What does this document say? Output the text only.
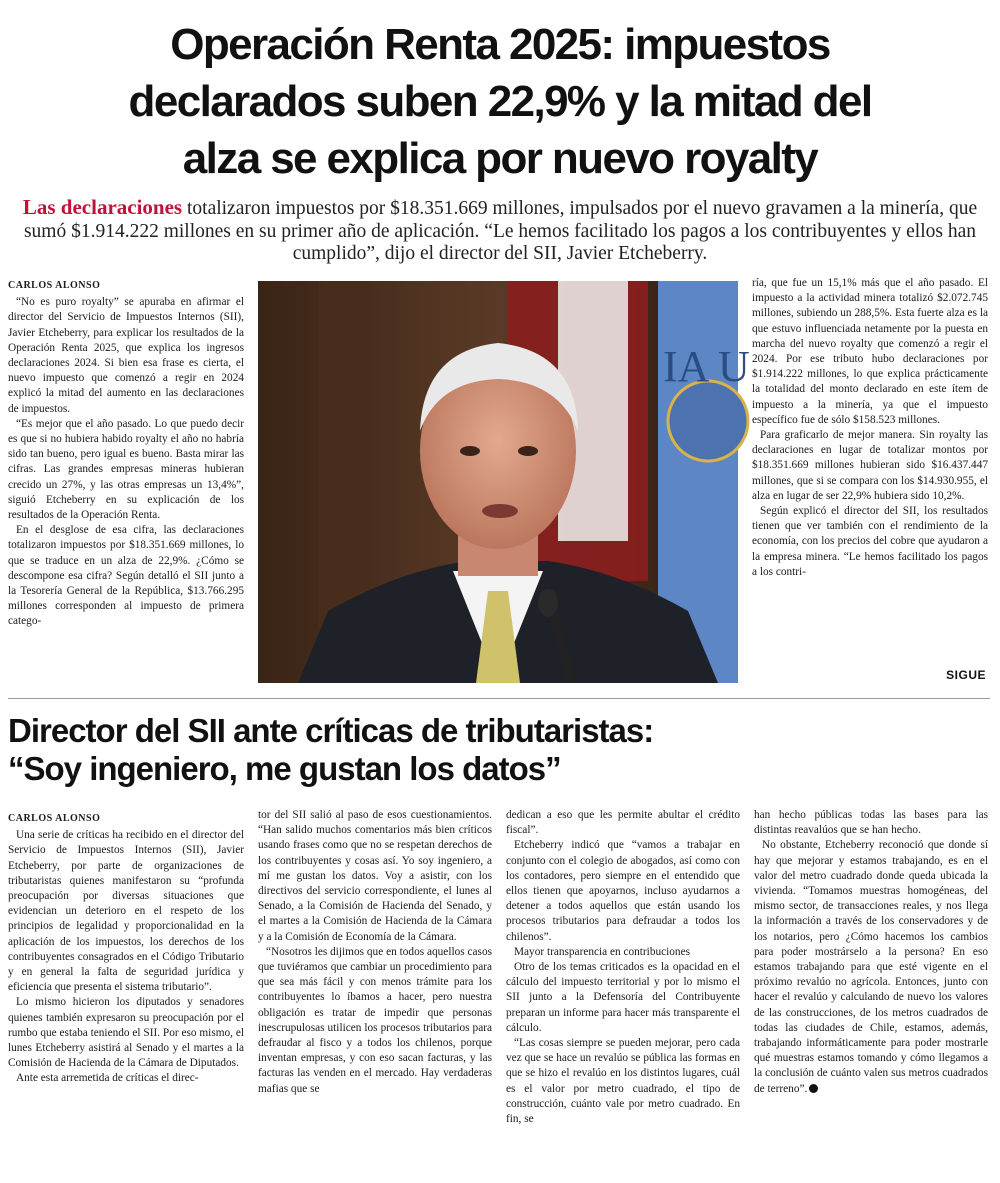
Operación Renta 2025: impuestos
declarados suben 22,9% y la mitad del
alza se explica por nuevo royalty

Las declaraciones totalizaron impuestos por $18.351.669 millones, impulsados por el nuevo gravamen a la minería, que sumó $1.914.222 millones en su primer año de aplicación. “Le hemos facilitado los pagos a los contribuyentes y ellos han cumplido”, dijo el director del SII, Javier Etcheberry.

CARLOS ALONSO

“No es puro royalty” se apuraba en afirmar el director del Servicio de Impuestos Internos (SII), Javier Etcheberry, para explicar los resultados de la Operación Renta 2025, que explica los ingresos declaraciones 2024. Si bien esa frase es cierta, el nuevo impuesto que comenzó a regir en 2024 explicó la mitad del aumento en las declaraciones de impuestos.

“Es mejor que el año pasado. Lo que puedo decir es que si no hubiera habido royalty el año no habría sido tan bueno, pero igual es bueno. Basta mirar las cifras. Las grandes empresas mineras hubieran crecido un 27%, y las otras empresas un 13,4%”, siguió Etcheberry en su explicación de los resultados de la Operación Renta.

En el desglose de esa cifra, las declaraciones totalizaron impuestos por $18.351.669 millones, lo que se traduce en un alza de 22,9%. ¿Cómo se descompone esa cifra? Según detalló el SII junto a la Tesorería General de la República, $13.766.295 millones corresponden al impuesto de primera catego-

IA U

ría, que fue un 15,1% más que el año pasado. El impuesto a la actividad minera totalizó $2.072.745 millones, subiendo un 288,5%. Esta fuerte alza es la que estuvo influenciada netamente por la puesta en marcha del nuevo royalty que comenzó a regir el 2024. Por ese tributo hubo declaraciones por $1.914.222 millones, lo que explica prácticamente la totalidad del monto declarado en este ítem de impuesto a la minería, ya que el impuesto específico fue de sólo $158.523 millones.

Para graficarlo de mejor manera. Sin royalty las declaraciones en lugar de totalizar montos por $18.351.669 millones hubieran sido $16.437.447 millones, que si se compara con los $14.930.955, el alza en lugar de ser 22,9% hubiera sido 10,2%.

Según explicó el director del SII, los resultados tienen que ver también con el rendimiento de la economía, con los precios del cobre que ayudaron a la empresa minera. “Le hemos facilitado los pagos a los contri-

SIGUE
Director del SII ante críticas de tributaristas:
“Soy ingeniero, me gustan los datos”
CARLOS ALONSO

Una serie de críticas ha recibido en el director del Servicio de Impuestos Internos (SII), Javier Etcheberry, por parte de organizaciones de tributaristas quienes manifestaron su “profunda preocupación por diversas situaciones que evidencian un deterioro en el respeto de los principios de legalidad y proporcionalidad en la aplicación de los impuestos, los derechos de los contribuyentes consagrados en el Código Tributario y en general la falta de seguridad jurídica y eficiencia que presenta el sistema tributario”.

Lo mismo hicieron los diputados y senadores quienes también expresaron su preocupación por el rumbo que estaba teniendo el SII. Por eso mismo, el lunes Etcheberry asistirá al Senado y el martes a la Comisión de Hacienda de la Cámara de Diputados.

Ante esta arremetida de críticas el direc-

tor del SII salió al paso de esos cuestionamientos. “Han salido muchos comentarios más bien críticos usando frases como que no se respetan derechos de los contribuyentes y cosas así. Yo soy ingeniero, a mí me gustan los datos. Voy a asistir, con los directivos del servicio correspondiente, el lunes al Senado, a la Comisión de Hacienda del Senado, y el martes a la Comisión de Hacienda de la Cámara y a la Comisión de Economía de la Cámara.

“Nosotros les dijimos que en todos aquellos casos que tuviéramos que cambiar un procedimiento para que sea más fácil y con menos trámite para los contribuyentes lo íbamos a hacer, pero nuestra obligación es tratar de impedir que personas inescrupulosas utilicen los procesos tributarios para defraudar al fisco y a todos los chilenos, porque inventan empresas, y con eso sacan facturas, y las facturas las venden en el mercado. Hay verdaderas mafias que se

dedican a eso que les permite abultar el crédito fiscal”.

Etcheberry indicó que “vamos a trabajar en conjunto con el colegio de abogados, así como con los contadores, pero siempre en el entendido que ellos tienen que apoyarnos, incluso ayudarnos a detener a todos aquellos que están usando los procesos tributarios para defraudar a todos los chilenos”.

Mayor transparencia en contribuciones

Otro de los temas criticados es la opacidad en el cálculo del impuesto territorial y por lo mismo el SII junto a la Defensoría del Contribuyente preparan un informe para hacer más transparente el cálculo.

“Las cosas siempre se pueden mejorar, pero cada vez que se hace un revalúo se pública las formas en que se hizo el revalúo en los distintos lugares, cuál es el valor por metro cuadrado, el tipo de construcción, cuánto vale por metro cuadrado. En fin, se

han hecho públicas todas las bases para las distintas reavalúos que se han hecho.

No obstante, Etcheberry reconoció que donde sí hay que mejorar y estamos trabajando, es en el valor del metro cuadrado donde queda ubicada la vivienda. “Tomamos muestras homogéneas, del mismo sector, de transacciones reales, y nos llega la información a través de los conservadores y de los notarios, pero ¿Cómo hacemos los cambios para poder mostrárselo a la persona? En eso estamos trabajando para que esté vigente en el próximo revalúo no agrícola. Entonces, junto con hacer el revalúo y calculando de nuevo los valores de las construcciones, de los metros cuadrados de todas las ciudades de Chile, estamos, además, trabajando informáticamente para poder mostrarle qué muestras estamos tomando y cómo llegamos a la conclusión de cuánto valen sus metros cuadrados de terreno”.
